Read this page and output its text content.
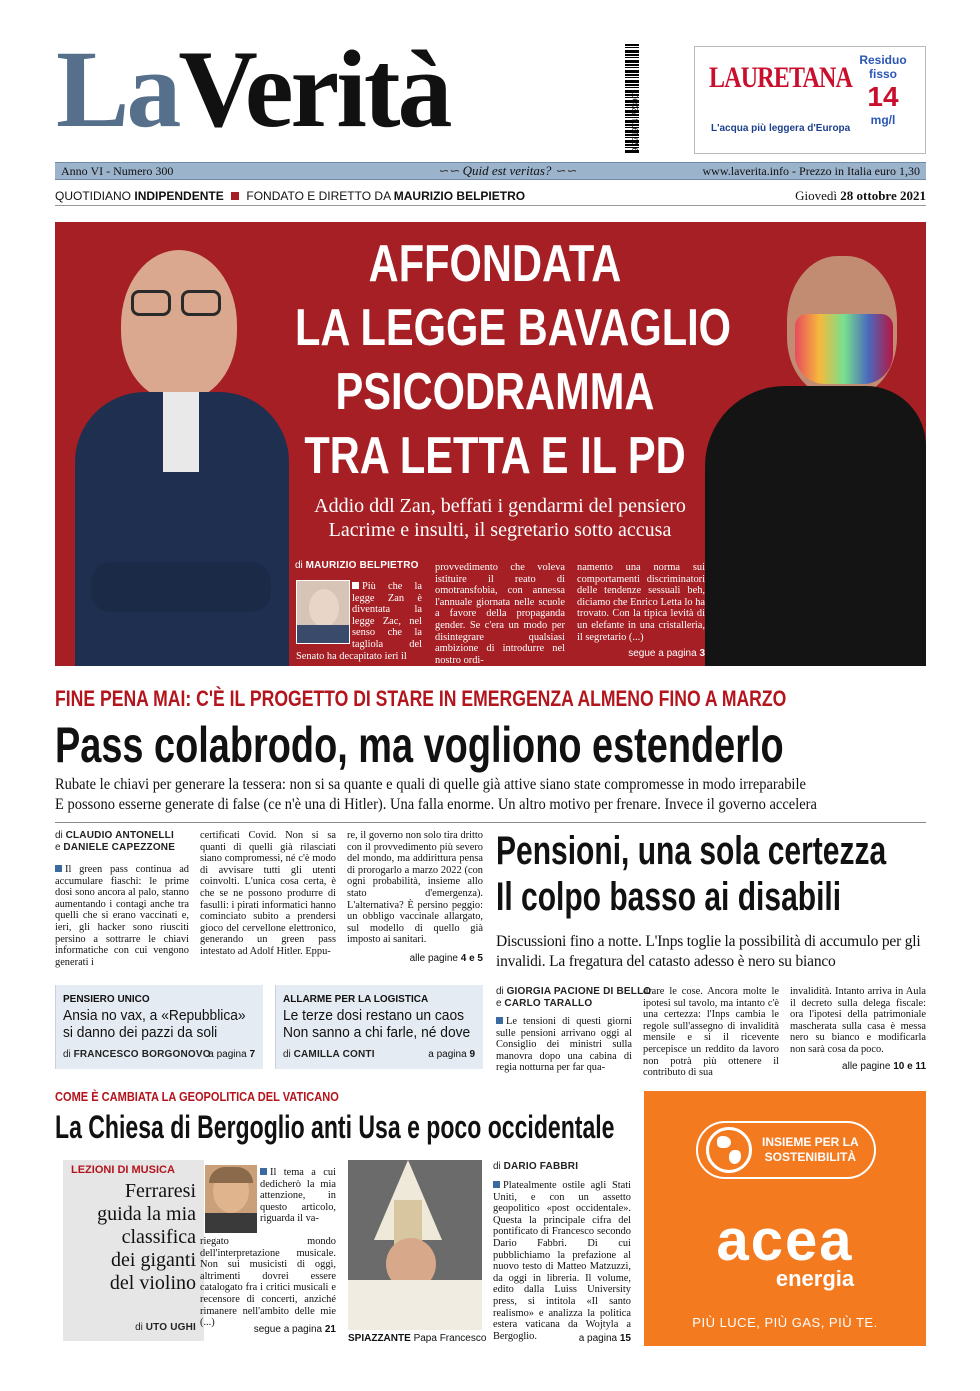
LaVerità	9 771974 723007
LAURETANA
L'acqua più leggera d'Europa
Residuo
fisso
14
mg/l
Anno VI - Numero 300	∽∽ Quid est veritas? ∽∽	www.laverita.info - Prezzo in Italia euro 1,30
QUOTIDIANO INDIPENDENTE FONDATO E DIRETTO DA MAURIZIO BELPIETRO	Giovedì 28 ottobre 2021
AFFONDATA
LA LEGGE BAVAGLIO
PSICODRAMMA
TRA LETTA E IL PD
Addio ddl Zan, beffati i gendarmi del pensiero
Lacrime e insulti, il segretario sotto accusa
di MAURIZIO BELPIETRO
Più che la legge Zan è diventata la legge Zac, nel senso che la tagliola del Senato ha decapitato ieri il
provvedimento che voleva istituire il reato di omotransfobia, con annessa l'annuale giornata nelle scuole a favore della propaganda gender. Se c'era un modo per disintegrare qualsiasi ambizione di introdurre nel nostro ordi-
namento una norma sui comportamenti discriminatori delle tendenze sessuali beh, diciamo che Enrico Letta lo ha trovato. Con la tipica levità di un elefante in una cristalleria, il segretario (...)
segue a pagina 3
FINE PENA MAI: C'È IL PROGETTO DI STARE IN EMERGENZA ALMENO FINO A MARZO
Pass colabrodo, ma vogliono estenderlo
Rubate le chiavi per generare la tessera: non si sa quante e quali di quelle già attive siano state compromesse in modo irreparabile
E possono esserne generate di false (ce n'è una di Hitler). Una falla enorme. Un altro motivo per frenare. Invece il governo accelera
di CLAUDIO ANTONELLI
e DANIELE CAPEZZONE
Il green pass continua ad accumulare fiaschi: le prime dosi sono ancora al palo, stanno aumentando i contagi anche tra quelli che si erano vaccinati e, ieri, gli hacker sono riusciti persino a sottrarre le chiavi informatiche con cui vengono generati i
certificati Covid. Non si sa quanti di quelli già rilasciati siano compromessi, né c'è modo di avvisare tutti gli utenti coinvolti. L'unica cosa certa, è che se ne possono produrre di fasulli: i pirati informatici hanno cominciato subito a prendersi gioco del cervellone elettronico, generando un green pass intestato ad Adolf Hitler. Eppu-
re, il governo non solo tira dritto con il provvedimento più severo del mondo, ma addirittura pensa di prorogarlo a marzo 2022 (con ogni probabilità, insieme allo stato d'emergenza). L'alternativa? È persino peggio: un obbligo vaccinale allargato, sul modello di quello già imposto ai sanitari.
alle pagine 4 e 5
Pensioni, una sola certezza
Il colpo basso ai disabili
Discussioni fino a notte. L'Inps toglie la possibilità di accumulo per gli invalidi. La fregatura del catasto adesso è nero su bianco
PENSIERO UNICO
Ansia no vax, a «Repubblica»
si danno dei pazzi da soli
di FRANCESCO BORGONOVO
a pagina 7
ALLARME PER LA LOGISTICA
Le terze dosi restano un caos
Non sanno a chi farle, né dove
di CAMILLA CONTI	a pagina 9
di GIORGIA PACIONE DI BELLO
e CARLO TARALLO
Le tensioni di questi giorni sulle pensioni arrivano oggi al Consiglio dei ministri sulla manovra dopo una cabina di regia notturna per far qua-
drare le cose. Ancora molte le ipotesi sul tavolo, ma intanto c'è una certezza: l'Inps cambia le regole sull'assegno di invalidità mensile e si il ricevente percepisce un reddito da lavoro non potrà più ottenere il contributo di sua
invalidità. Intanto arriva in Aula il decreto sulla delega fiscale: ora l'ipotesi della patrimoniale mascherata sulla casa è messa nero su bianco e modificarla non sarà cosa da poco.
alle pagine 10 e 11
COME È CAMBIATA LA GEOPOLITICA DEL VATICANO
La Chiesa di Bergoglio anti Usa e poco occidentale
LEZIONI DI MUSICA
Ferraresi
guida la mia
classifica
dei giganti
del violino
di UTO UGHI
Il tema a cui dedicherò la mia attenzione, in questo articolo, riguarda il va-
riegato mondo dell'interpretazione musicale. Non sui musicisti di oggi, altrimenti dovrei essere catalogato fra i critici musicali e recensore di concerti, anziché rimanere nell'ambito delle mie (...)
segue a pagina 21
SPIAZZANTE Papa Francesco
di DARIO FABBRI
Platealmente ostile agli Stati Uniti, e con un assetto geopolitico «post occidentale». Questa la principale cifra del pontificato di Francesco secondo Dario Fabbri. Di cui pubblichiamo la prefazione al nuovo testo di Matteo Matzuzzi, da oggi in libreria. Il volume, edito dalla Luiss University press, si intitola «Il santo realismo» e analizza la politica estera vaticana da Wojtyla a Bergoglio.	a pagina 15
INSIEME PER LA
SOSTENIBILITÀ
acea
energia
PIÙ LUCE, PIÙ GAS, PIÙ TE.
